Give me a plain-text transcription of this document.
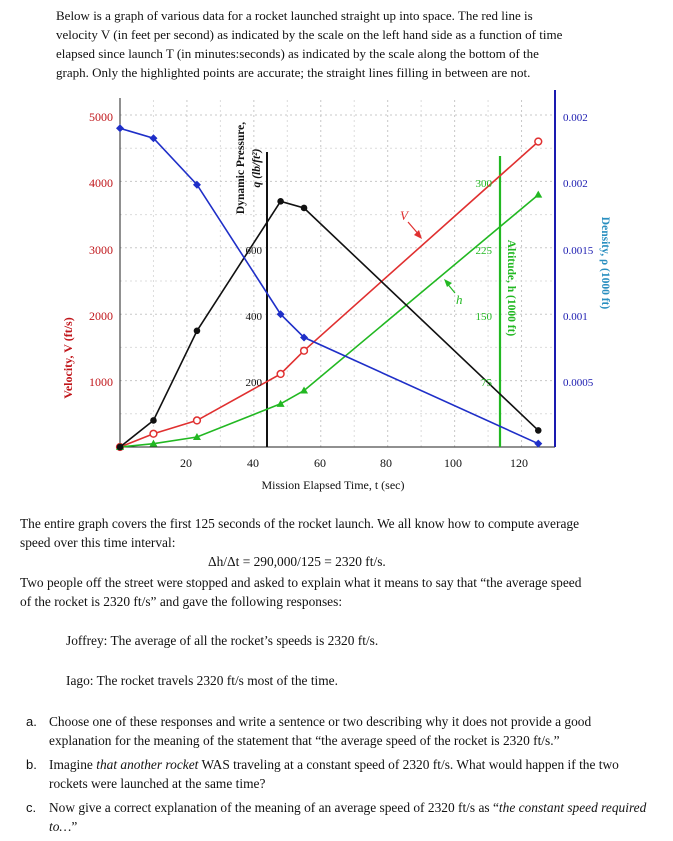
Below is a graph of various data for a rocket launched straight up into space. The red line is
velocity V (in feet per second) as indicated by the scale on the left hand side as a function of time
elapsed since launch T (in minutes:seconds) as indicated by the scale along the bottom of the
graph. Only the highlighted points are accurate; the straight lines filling in between are not.
1000
2000
3000
4000
5000
Velocity, V (ft/s)	200
400
600
Dynamic Pressure, q (lb/ft²)
75
150
225
300
Altitude, h (1000 ft)
0.0005
0.001
0.0015
0.002
0.002
Density, ρ (1000 ft)
20	40	60	80	100	120
Mission Elapsed Time, t (sec)
V
h
The entire graph covers the first 125 seconds of the rocket launch. We all know how to compute average
speed over this time interval:
Δh/Δt = 290,000/125 = 2320 ft/s.
Two people off the street were stopped and asked to explain what it means to say that “the average speed
of the rocket is 2320 ft/s” and gave the following responses:
Joffrey: The average of all the rocket’s speeds is 2320 ft/s.
Iago: The rocket travels 2320 ft/s most of the time.
a. Choose one of these responses and write a sentence or two describing why it does not provide a good explanation for the meaning of the statement that “the average speed of the rocket is 2320 ft/s.”
b. Imagine that another rocket WAS traveling at a constant speed of 2320 ft/s. What would happen if the two rockets were launched at the same time?
c. Now give a correct explanation of the meaning of an average speed of 2320 ft/s as “the constant speed required to…”
